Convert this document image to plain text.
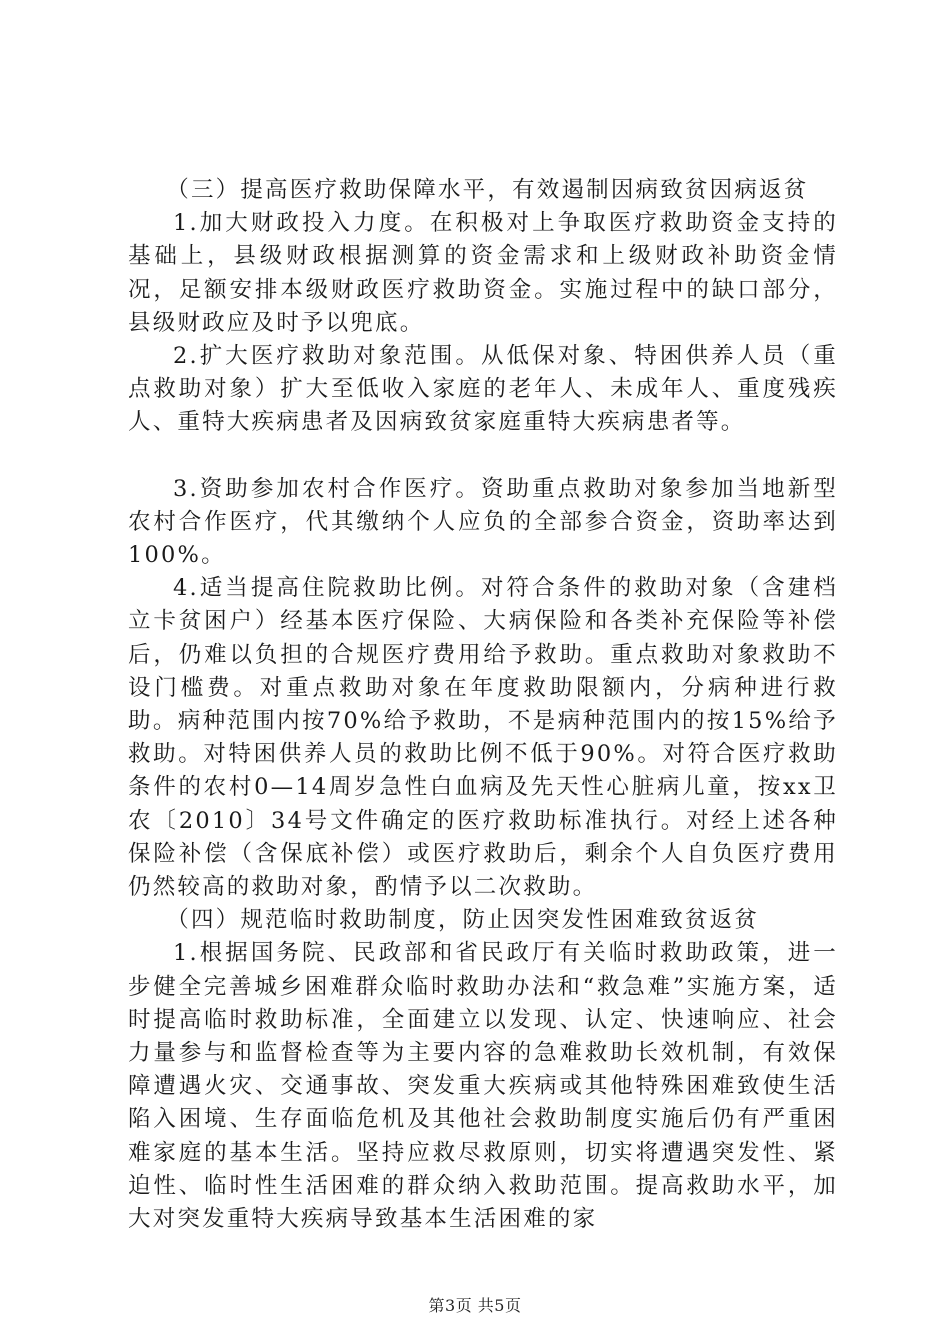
（三）提高医疗救助保障水平，有效遏制因病致贫因病返贫

1.加大财政投入力度。在积极对上争取医疗救助资金支持的基础上，县级财政根据测算的资金需求和上级财政补助资金情况，足额安排本级财政医疗救助资金。实施过程中的缺口部分，县级财政应及时予以兜底。

2.扩大医疗救助对象范围。从低保对象、特困供养人员（重点救助对象）扩大至低收入家庭的老年人、未成年人、重度残疾人、重特大疾病患者及因病致贫家庭重特大疾病患者等。

3.资助参加农村合作医疗。资助重点救助对象参加当地新型农村合作医疗，代其缴纳个人应负的全部参合资金，资助率达到100%。

4.适当提高住院救助比例。对符合条件的救助对象（含建档立卡贫困户）经基本医疗保险、大病保险和各类补充保险等补偿后，仍难以负担的合规医疗费用给予救助。重点救助对象救助不设门槛费。对重点救助对象在年度救助限额内，分病种进行救助。病种范围内按70%给予救助，不是病种范围内的按15%给予救助。对特困供养人员的救助比例不低于90%。对符合医疗救助条件的农村0—14周岁急性白血病及先天性心脏病儿童，按xx卫农〔2010〕34号文件确定的医疗救助标准执行。对经上述各种保险补偿（含保底补偿）或医疗救助后，剩余个人自负医疗费用仍然较高的救助对象，酌情予以二次救助。

（四）规范临时救助制度，防止因突发性困难致贫返贫

1.根据国务院、民政部和省民政厅有关临时救助政策，进一步健全完善城乡困难群众临时救助办法和“救急难”实施方案，适时提高临时救助标准，全面建立以发现、认定、快速响应、社会力量参与和监督检查等为主要内容的急难救助长效机制，有效保障遭遇火灾、交通事故、突发重大疾病或其他特殊困难致使生活陷入困境、生存面临危机及其他社会救助制度实施后仍有严重困难家庭的基本生活。坚持应救尽救原则，切实将遭遇突发性、紧迫性、临时性生活困难的群众纳入救助范围。提高救助水平，加大对突发重特大疾病导致基本生活困难的家

第3页 共5页
